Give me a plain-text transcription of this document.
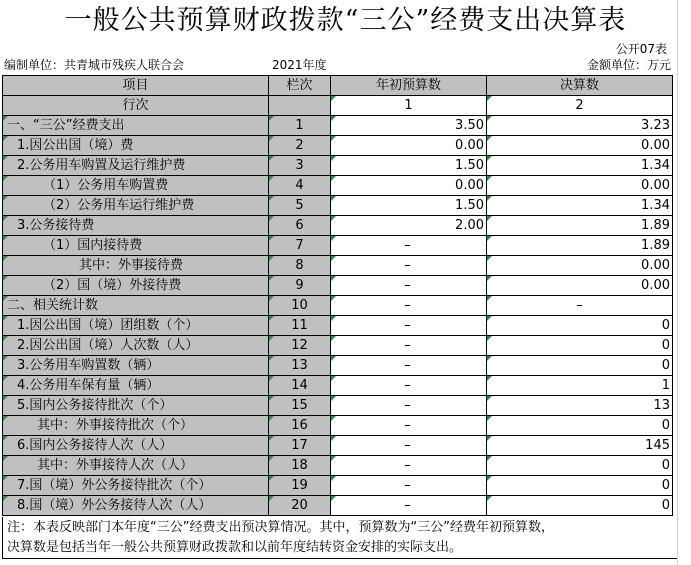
一般公共预算财政拨款“三公”经费支出决算表
公开07表
编制单位：共青城市残疾人联合会	2021年度	金额单位：万元
项目	栏次	年初预算数	决算数
行次		1	2
一、“三公”经费支出	1	3.50	3.23
1.因公出国（境）费	2	0.00	0.00
2.公务用车购置及运行维护费	3	1.50	1.34
（1）公务用车购置费	4	0.00	0.00
（2）公务用车运行维护费	5	1.50	1.34
3.公务接待费	6	2.00	1.89
（1）国内接待费	7	–	1.89
其中：外事接待费	8	–	0.00
（2）国（境）外接待费	9	–	0.00
二、相关统计数	10	–	–
1.因公出国（境）团组数（个）	11	–	0
2.因公出国（境）人次数（人）	12	–	0
3.公务用车购置数（辆）	13	–	0
4.公务用车保有量（辆）	14	–	1
5.国内公务接待批次（个）	15	–	13
其中：外事接待批次（个）	16	–	0
6.国内公务接待人次（人）	17	–	145
其中：外事接待人次（人）	18	–	0
7.国（境）外公务接待批次（个）	19	–	0
8.国（境）外公务接待人次（人）	20	–	0
注：本表反映部门本年度“三公”经费支出预决算情况。其中，预算数为“三公”经费年初预算数，
决算数是包括当年一般公共预算财政拨款和以前年度结转资金安排的实际支出。
